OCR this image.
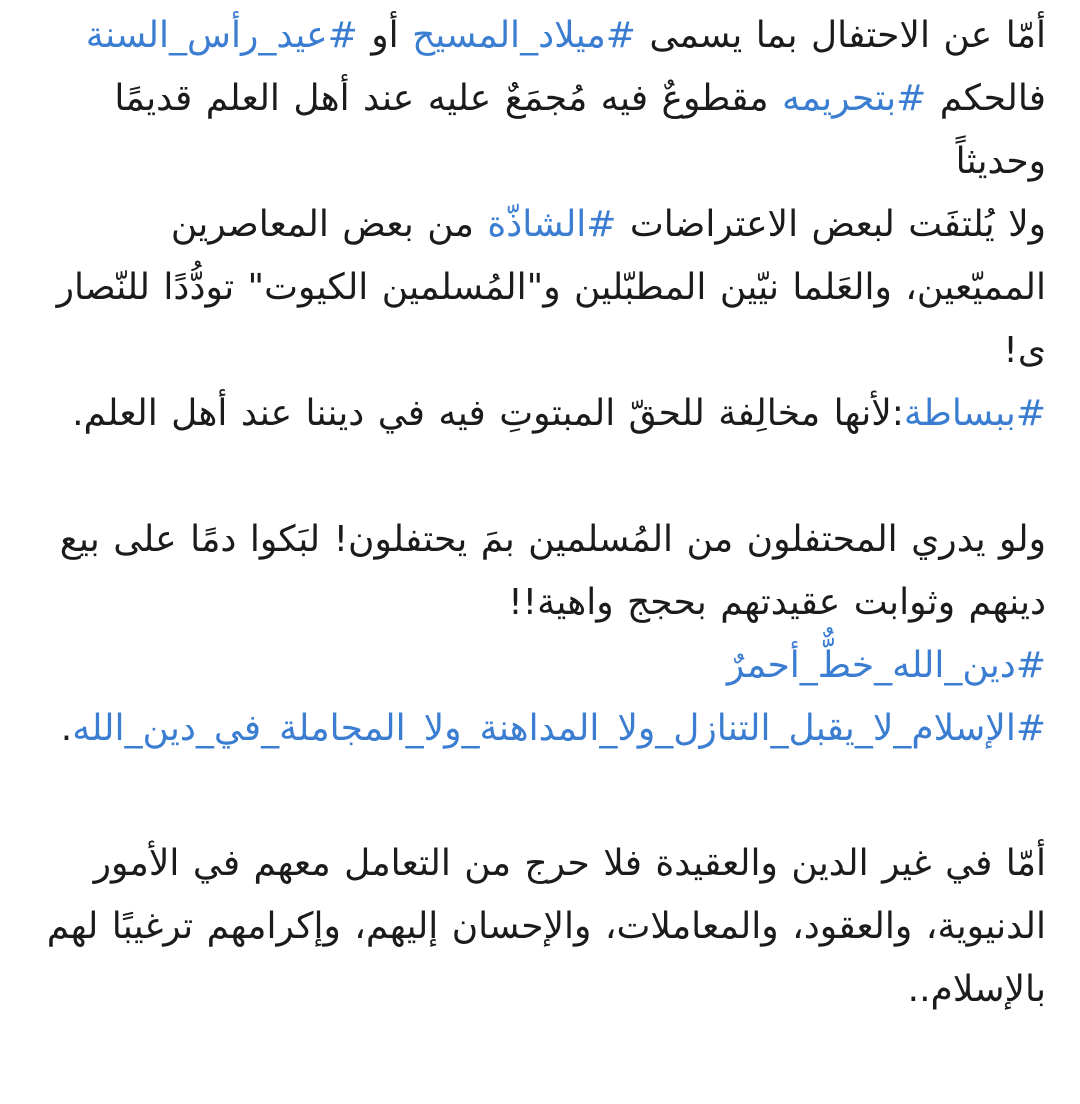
أمّا عن الاحتفال بما يسمى #ميلاد_المسيح أو #عيد_رأس_السنة

فالحكم #بتحريمه مقطوعٌ فيه مُجمَعٌ عليه عند أهل العلم قديمًا وحديثاً

ولا يُلتفَت لبعض الاعتراضات #الشاذّة من بعض المعاصرين المميّعين، والعَلما نيّين المطبّلين و"المُسلمين الكيوت" تودُّدًا للنّصار ى!

#ببساطة:لأنها مخالِفة للحقّ المبتوتِ فيه في ديننا عند أهل العلم.

ولو يدري المحتفلون من المُسلمين بمَ يحتفلون! لبَكوا دمًا على بيع دينهم وثوابت عقيدتهم بحجج واهية!!

#دين_الله_خطٌّ_أحمرٌ

#الإسلام_لا_يقبل_التنازل_ولا_المداهنة_ولا_المجاملة_في_دين_الله.

أمّا في غير الدين والعقيدة فلا حرج من التعامل معهم في الأمور الدنيوية، والعقود، والمعاملات، والإحسان إليهم، وإكرامهم ترغيبًا لهم بالإسلام..
